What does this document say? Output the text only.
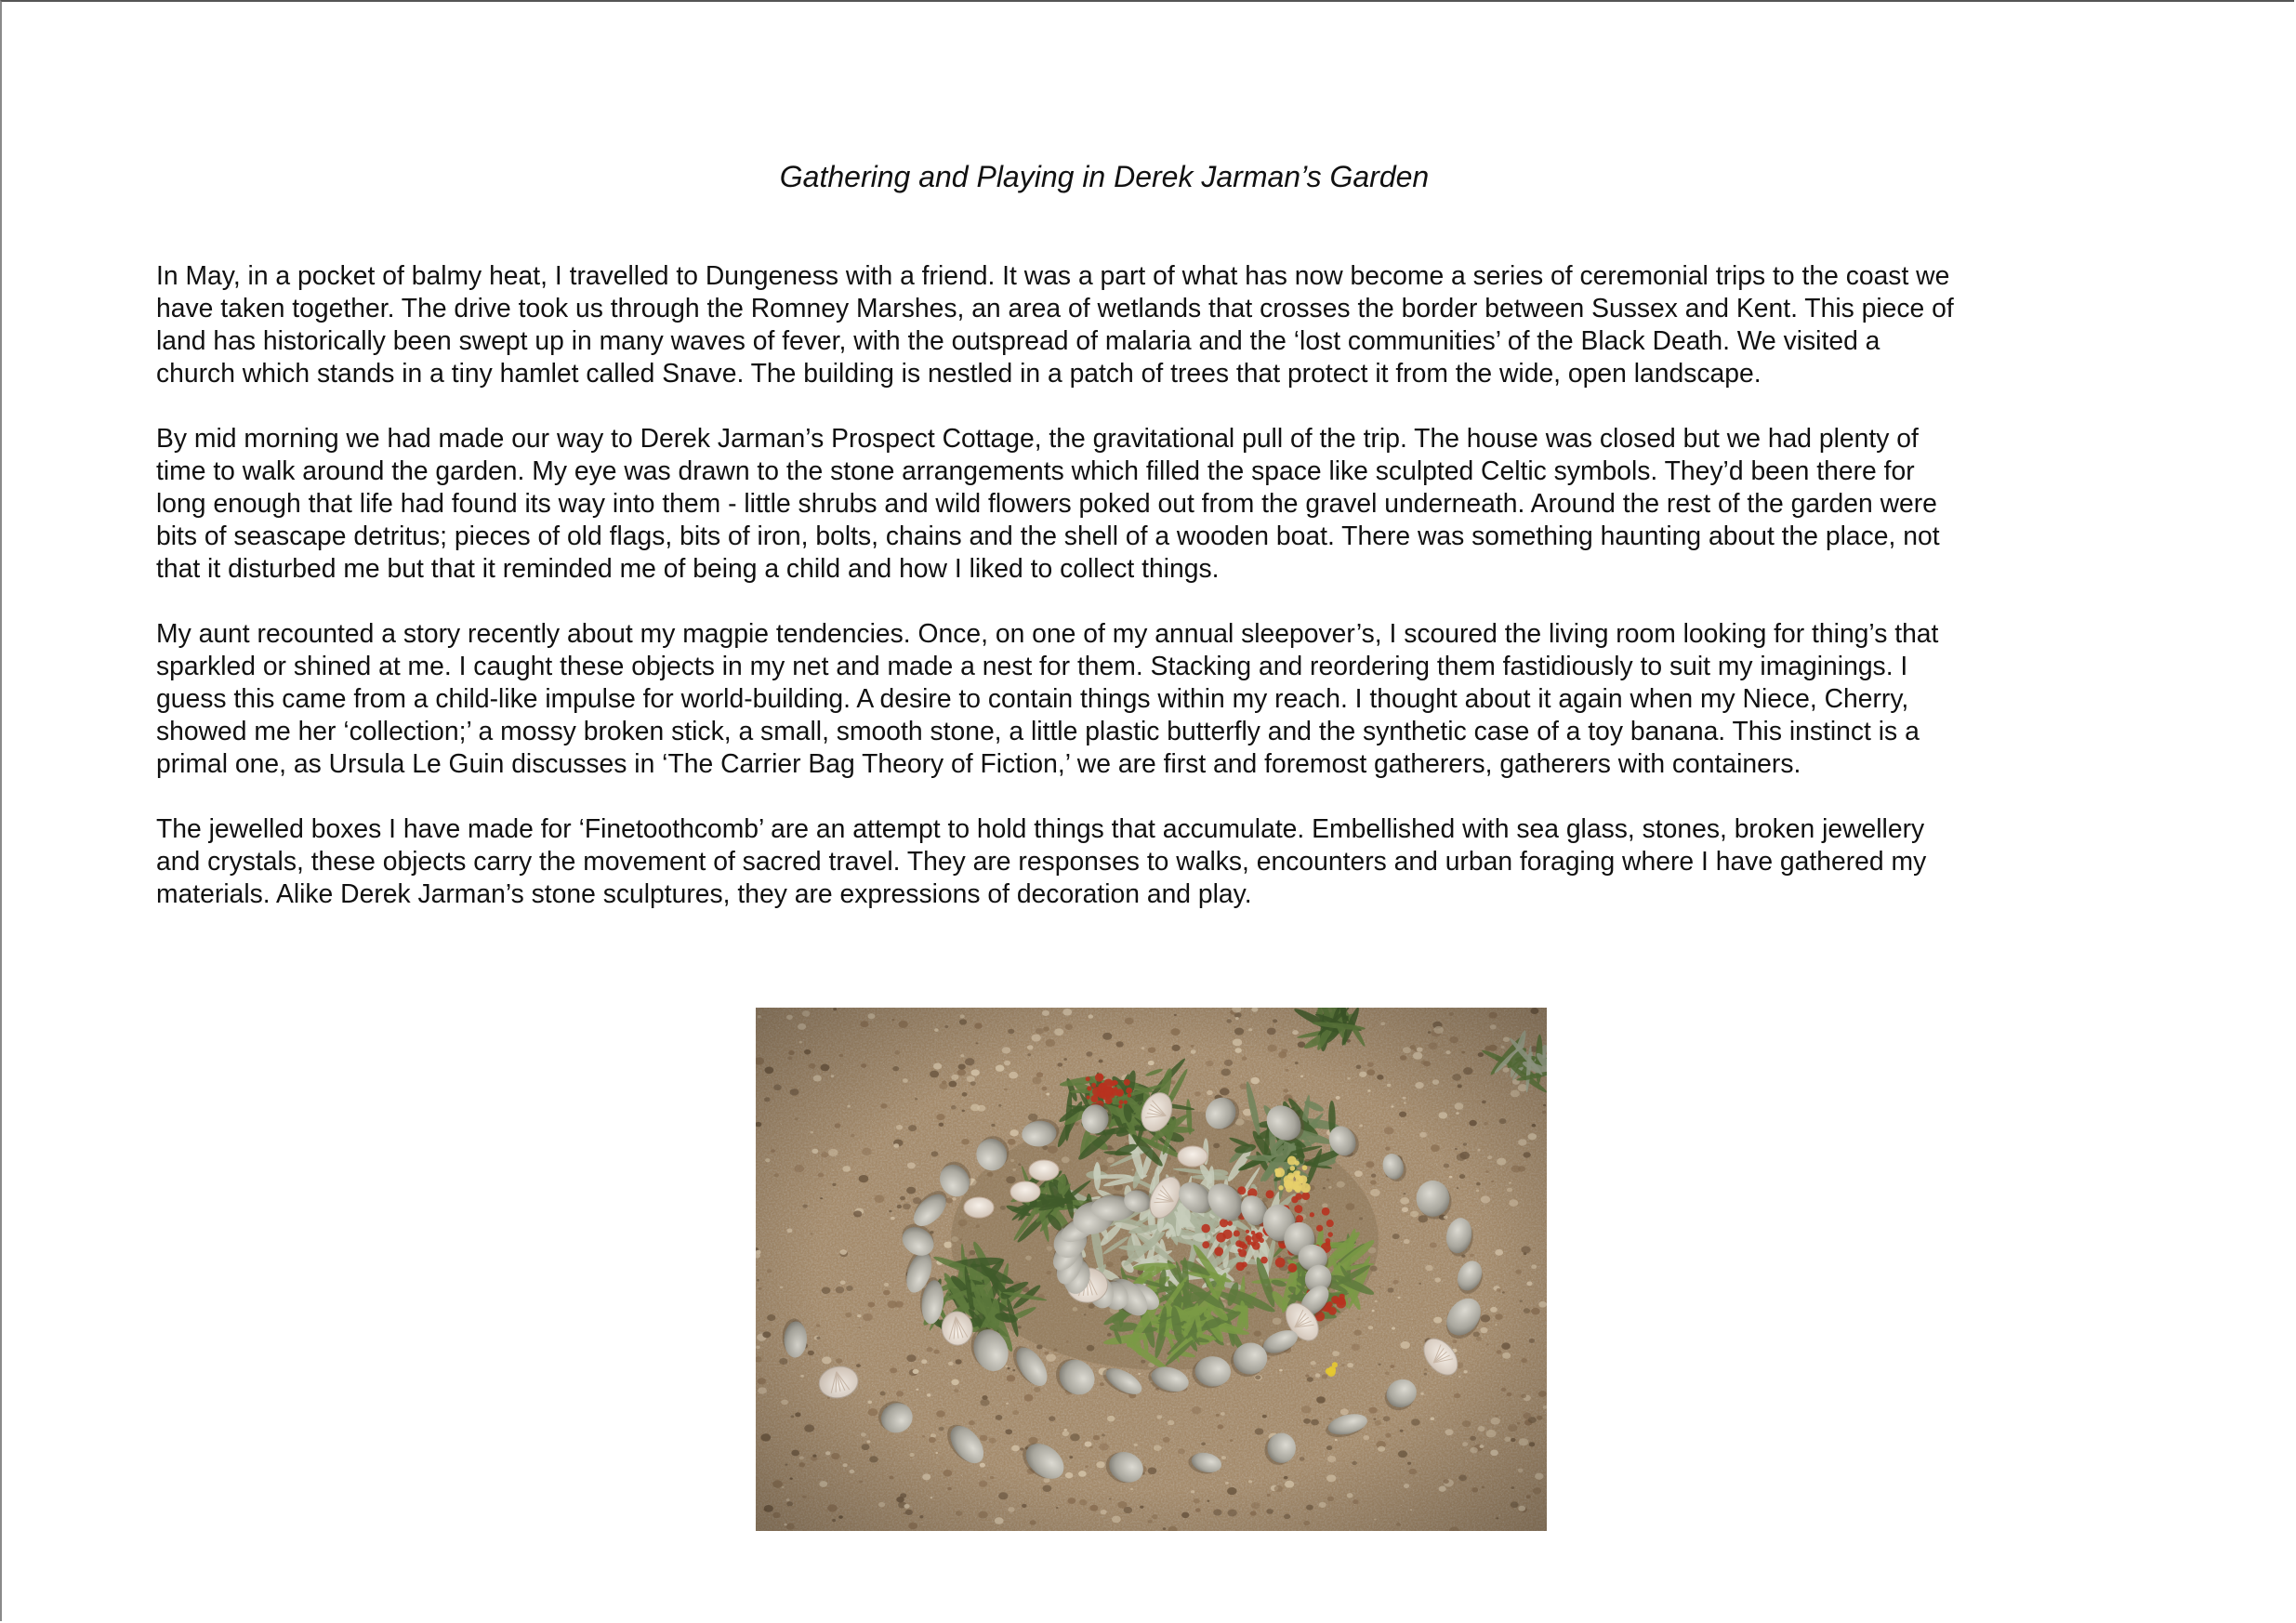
Gathering and Playing in Derek Jarman’s Garden

In May, in a pocket of balmy heat, I travelled to Dungeness with a friend. It was a part of what has now become a series of ceremonial trips to the coast we
have taken together. The drive took us through the Romney Marshes, an area of wetlands that crosses the border between Sussex and Kent. This piece of
land has historically been swept up in many waves of fever, with the outspread of malaria and the ‘lost communities’ of the Black Death. We visited a
church which stands in a tiny hamlet called Snave. The building is nestled in a patch of trees that protect it from the wide, open landscape.

By mid morning we had made our way to Derek Jarman’s Prospect Cottage, the gravitational pull of the trip. The house was closed but we had plenty of
time to walk around the garden. My eye was drawn to the stone arrangements which filled the space like sculpted Celtic symbols. They’d been there for
long enough that life had found its way into them - little shrubs and wild flowers poked out from the gravel underneath. Around the rest of the garden were
bits of seascape detritus; pieces of old flags, bits of iron, bolts, chains and the shell of a wooden boat. There was something haunting about the place, not
that it disturbed me but that it reminded me of being a child and how I liked to collect things.

My aunt recounted a story recently about my magpie tendencies. Once, on one of my annual sleepover’s, I scoured the living room looking for thing’s that
sparkled or shined at me. I caught these objects in my net and made a nest for them. Stacking and reordering them fastidiously to suit my imaginings. I
guess this came from a child-like impulse for world-building. A desire to contain things within my reach. I thought about it again when my Niece, Cherry,
showed me her ‘collection;’ a mossy broken stick, a small, smooth stone, a little plastic butterfly and the synthetic case of a toy banana. This instinct is a
primal one, as Ursula Le Guin discusses in ‘The Carrier Bag Theory of Fiction,’ we are first and foremost gatherers, gatherers with containers.

The jewelled boxes I have made for ‘Finetoothcomb’ are an attempt to hold things that accumulate. Embellished with sea glass, stones, broken jewellery
and crystals, these objects carry the movement of sacred travel. They are responses to walks, encounters and urban foraging where I have gathered my
materials. Alike Derek Jarman’s stone sculptures, they are expressions of decoration and play.
